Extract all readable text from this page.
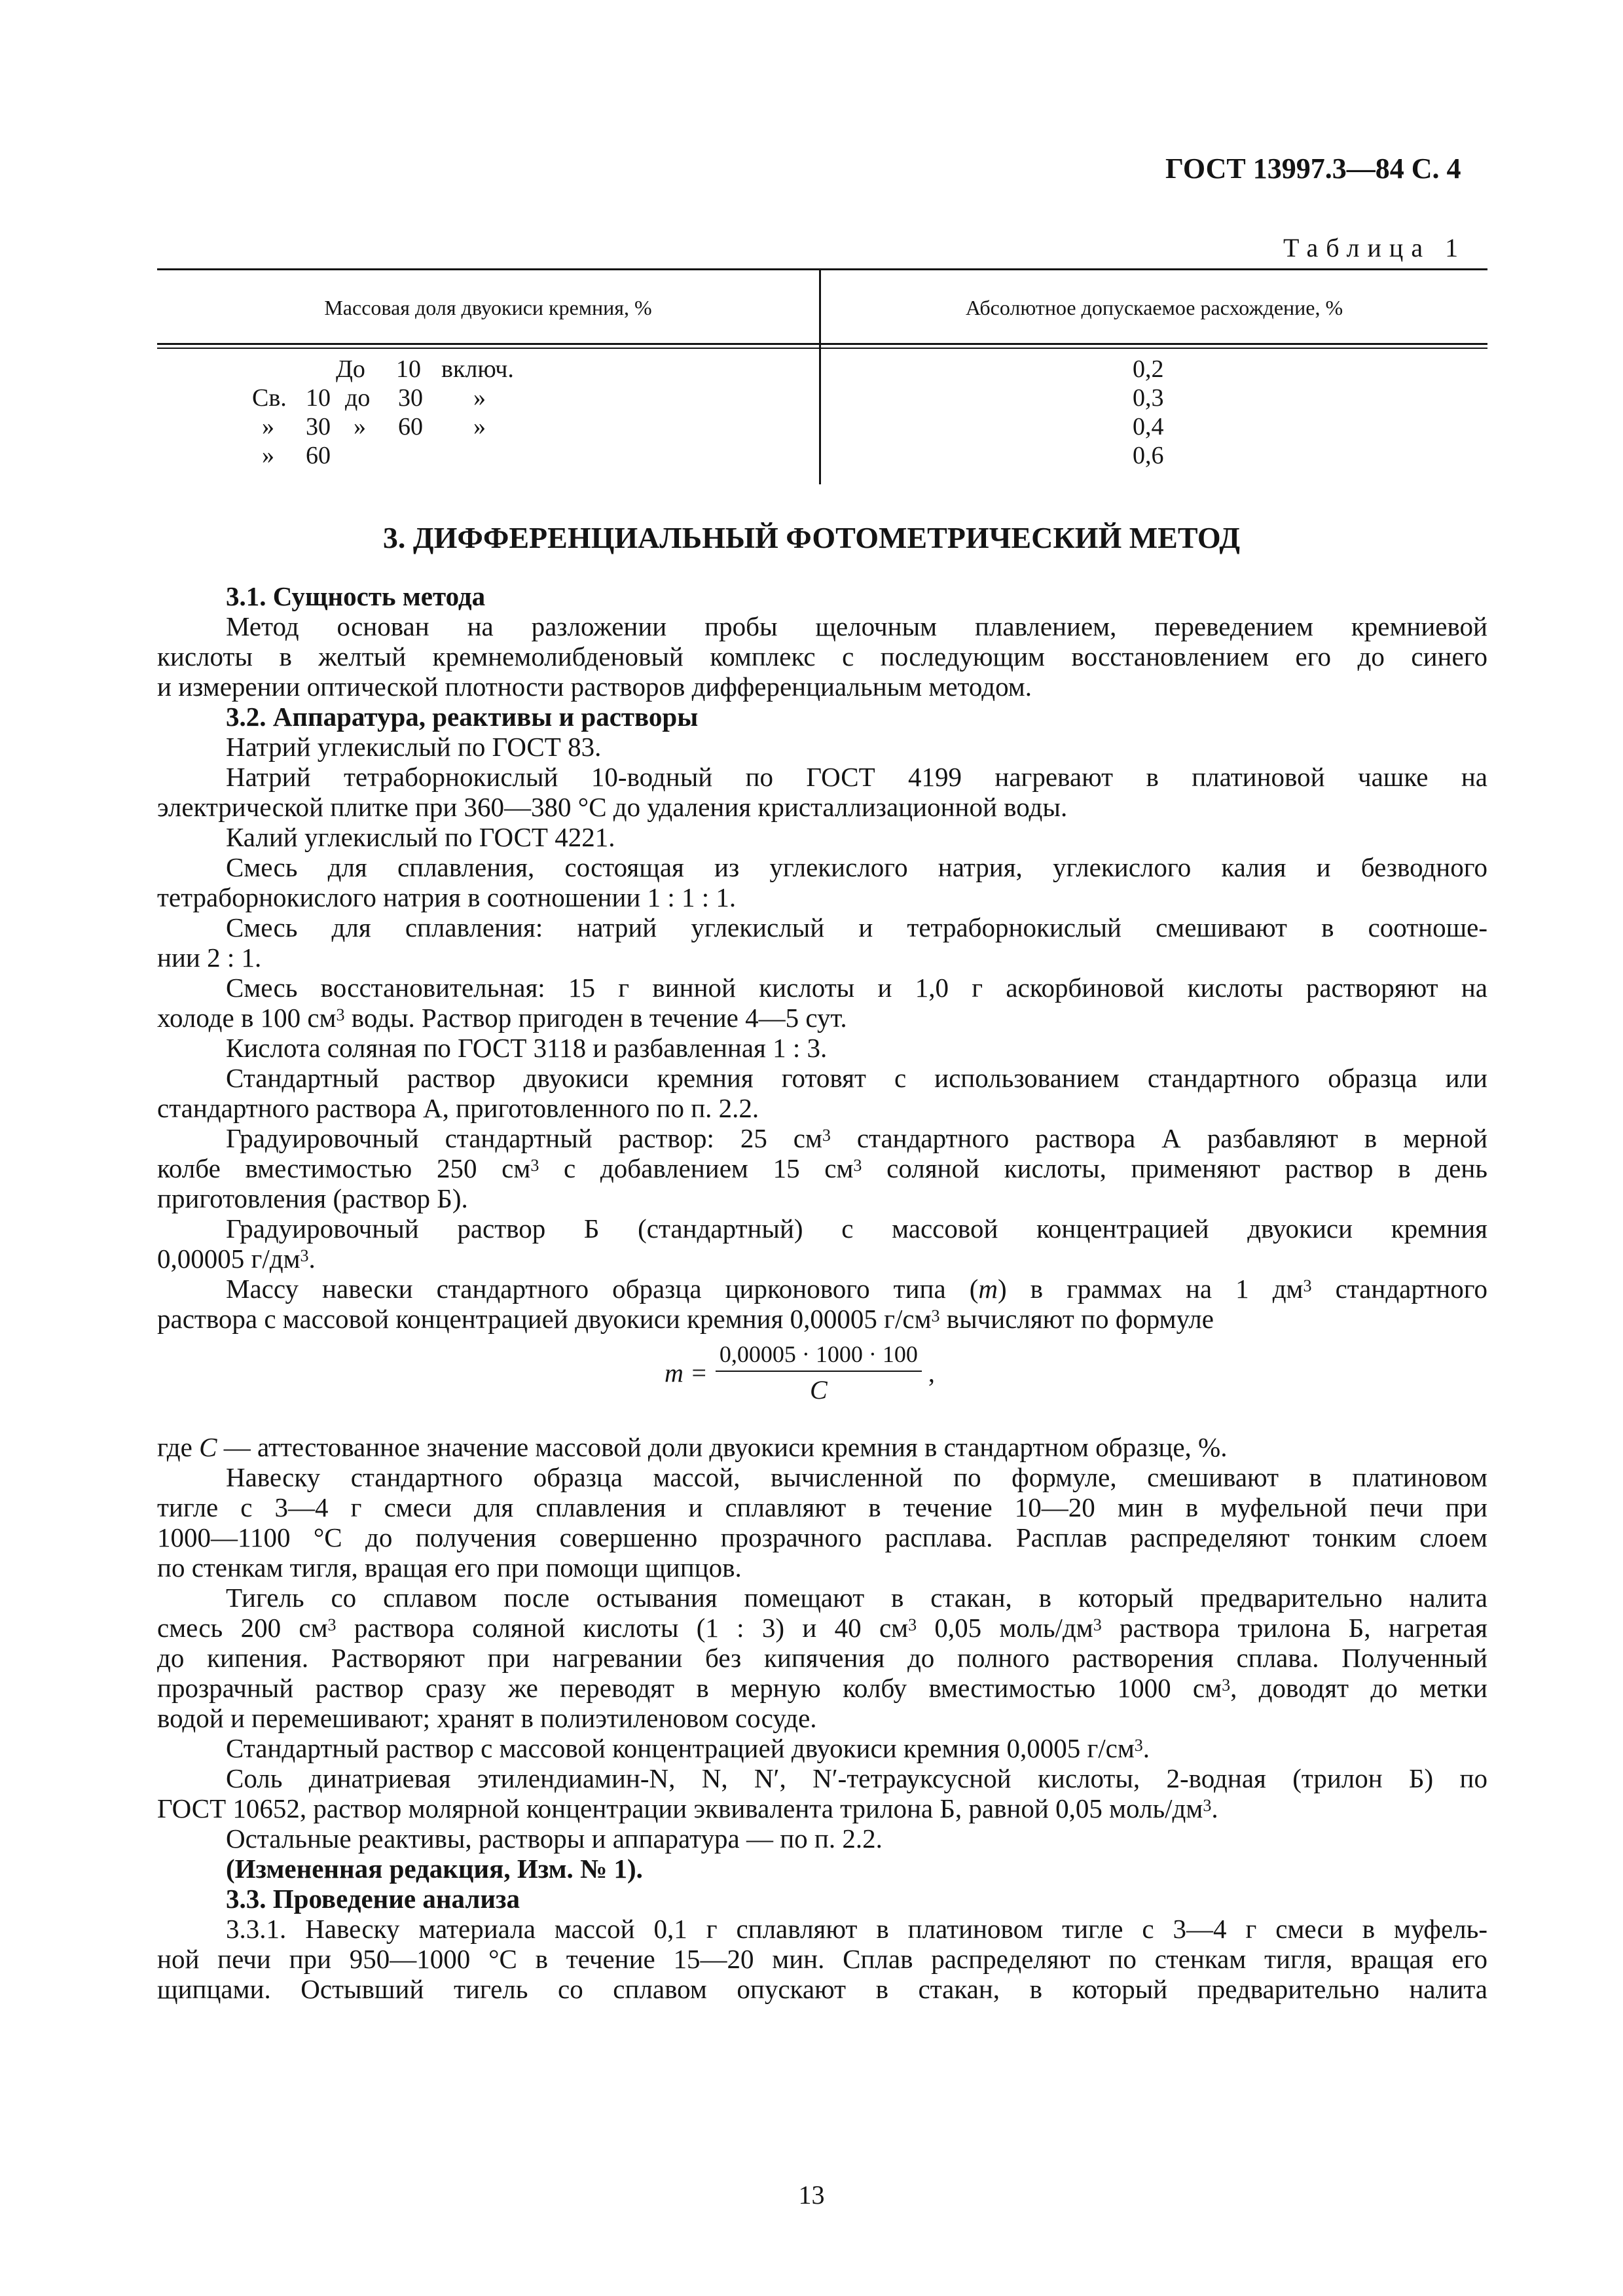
ГОСТ 13997.3—84 С. 4
Таблица 1
Массовая доля двуокиси кремния, %	Абсолютное допускаемое расхождение, %
До 10 включ.	0,2
Св. 10 до 30 »	0,3
» 30 » 60 »	0,4
» 60	0,6
3. ДИФФЕРЕНЦИАЛЬНЫЙ ФОТОМЕТРИЧЕСКИЙ МЕТОД
3.1. Сущность метода
Метод основан на разложении пробы щелочным плавлением, переведением кремниевой
кислоты в желтый кремнемолибденовый комплекс с последующим восстановлением его до синего
и измерении оптической плотности растворов дифференциальным методом.
3.2. Аппаратура, реактивы и растворы
Натрий углекислый по ГОСТ 83.
Натрий тетраборнокислый 10-водный по ГОСТ 4199 нагревают в платиновой чашке на
электрической плитке при 360—380 °С до удаления кристаллизационной воды.
Калий углекислый по ГОСТ 4221.
Смесь для сплавления, состоящая из углекислого натрия, углекислого калия и безводного
тетраборнокислого натрия в соотношении 1 : 1 : 1.
Смесь для сплавления: натрий углекислый и тетраборнокислый смешивают в соотноше-
нии 2 : 1.
Смесь восстановительная: 15 г винной кислоты и 1,0 г аскорбиновой кислоты растворяют на
холоде в 100 $см^3$ воды. Раствор пригоден в течение 4—5 сут.
Кислота соляная по ГОСТ 3118 и разбавленная 1 : 3.
Стандартный раствор двуокиси кремния готовят с использованием стандартного образца или
стандартного раствора А, приготовленного по п. 2.2.
Градуировочный стандартный раствор: 25 $см^3$ стандартного раствора А разбавляют в мерной
колбе вместимостью 250 $см^3$ с добавлением 15 $см^3$ соляной кислоты, применяют раствор в день
приготовления (раствор Б).
Градуировочный раствор Б (стандартный) с массовой концентрацией двуокиси кремния
0,00005 $г/дм^3$.
Массу навески стандартного образца цирконового типа (m) в граммах на 1 $дм^3$ стандартного
раствора с массовой концентрацией двуокиси кремния 0,00005 $г/см^3$ вычисляют по формуле
$m = \frac{0,00005 \cdot 1000 \cdot 100}{C}$ ,
где C — аттестованное значение массовой доли двуокиси кремния в стандартном образце, %.
Навеску стандартного образца массой, вычисленной по формуле, смешивают в платиновом
тигле с 3—4 г смеси для сплавления и сплавляют в течение 10—20 мин в муфельной печи при
1000—1100 °С до получения совершенно прозрачного расплава. Расплав распределяют тонким слоем
по стенкам тигля, вращая его при помощи щипцов.
Тигель со сплавом после остывания помещают в стакан, в который предварительно налита
смесь 200 $см^3$ раствора соляной кислоты (1 : 3) и 40 $см^3$ 0,05 моль/$дм^3$ раствора трилона Б, нагретая
до кипения. Растворяют при нагревании без кипячения до полного растворения сплава. Полученный
прозрачный раствор сразу же переводят в мерную колбу вместимостью 1000 $см^3$, доводят до метки
водой и перемешивают; хранят в полиэтиленовом сосуде.
Стандартный раствор с массовой концентрацией двуокиси кремния 0,0005 $г/см^3$.
Соль динатриевая этилендиамин-N, N, N′, N′-тетрауксусной кислоты, 2-водная (трилон Б) по
ГОСТ 10652, раствор молярной концентрации эквивалента трилона Б, равной 0,05 моль/$дм^3$.
Остальные реактивы, растворы и аппаратура — по п. 2.2.
(Измененная редакция, Изм. № 1).
3.3. Проведение анализа
3.3.1. Навеску материала массой 0,1 г сплавляют в платиновом тигле с 3—4 г смеси в муфель-
ной печи при 950—1000 °С в течение 15—20 мин. Сплав распределяют по стенкам тигля, вращая его
щипцами. Остывший тигель со сплавом опускают в стакан, в который предварительно налита
13
